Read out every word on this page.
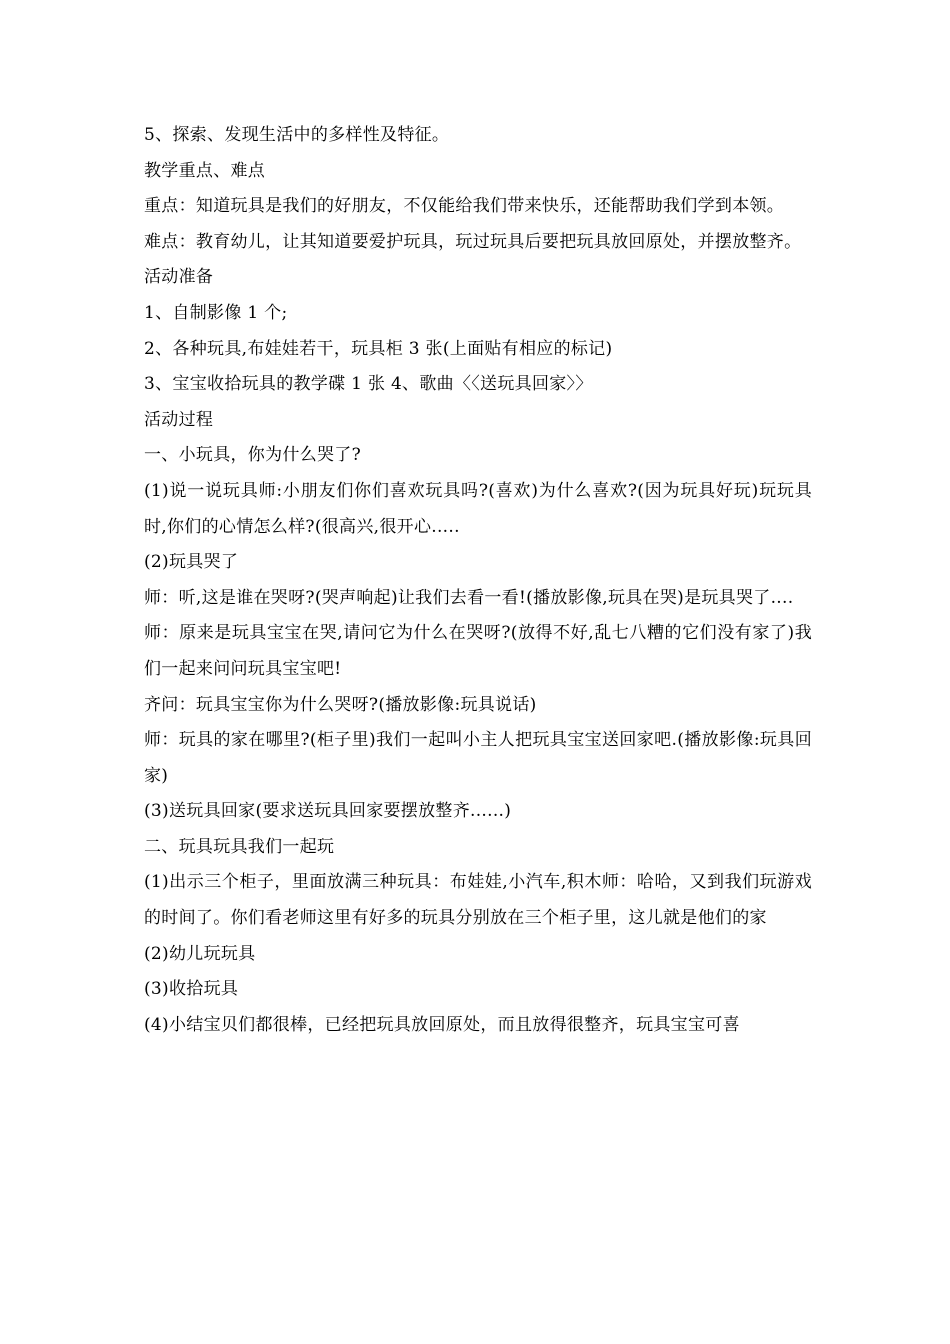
5、探索、发现生活中的多样性及特征。

教学重点、难点

重点：知道玩具是我们的好朋友，不仅能给我们带来快乐，还能帮助我们学到本领。

难点：教育幼儿，让其知道要爱护玩具，玩过玩具后要把玩具放回原处，并摆放整齐。

活动准备

1、自制影像 1 个;

2、各种玩具,布娃娃若干，玩具柜 3 张(上面贴有相应的标记)

3、宝宝收拾玩具的教学碟 1 张 4、歌曲〈〈送玩具回家〉〉

活动过程

一、小玩具，你为什么哭了?

(1)说一说玩具师:小朋友们你们喜欢玩具吗?(喜欢)为什么喜欢?(因为玩具好玩)玩玩具时,你们的心情怎么样?(很高兴,很开心.....

(2)玩具哭了

师：听,这是谁在哭呀?(哭声响起)让我们去看一看!(播放影像,玩具在哭)是玩具哭了....

师：原来是玩具宝宝在哭,请问它为什么在哭呀?(放得不好,乱七八糟的它们没有家了)我们一起来问问玩具宝宝吧!

齐问：玩具宝宝你为什么哭呀?(播放影像:玩具说话)

师：玩具的家在哪里?(柜子里)我们一起叫小主人把玩具宝宝送回家吧.(播放影像:玩具回家)

(3)送玩具回家(要求送玩具回家要摆放整齐......)

二、玩具玩具我们一起玩

(1)出示三个柜子，里面放满三种玩具：布娃娃,小汽车,积木师：哈哈，又到我们玩游戏的时间了。你们看老师这里有好多的玩具分别放在三个柜子里，这儿就是他们的家

(2)幼儿玩玩具

(3)收拾玩具

(4)小结宝贝们都很棒，已经把玩具放回原处，而且放得很整齐，玩具宝宝可喜
